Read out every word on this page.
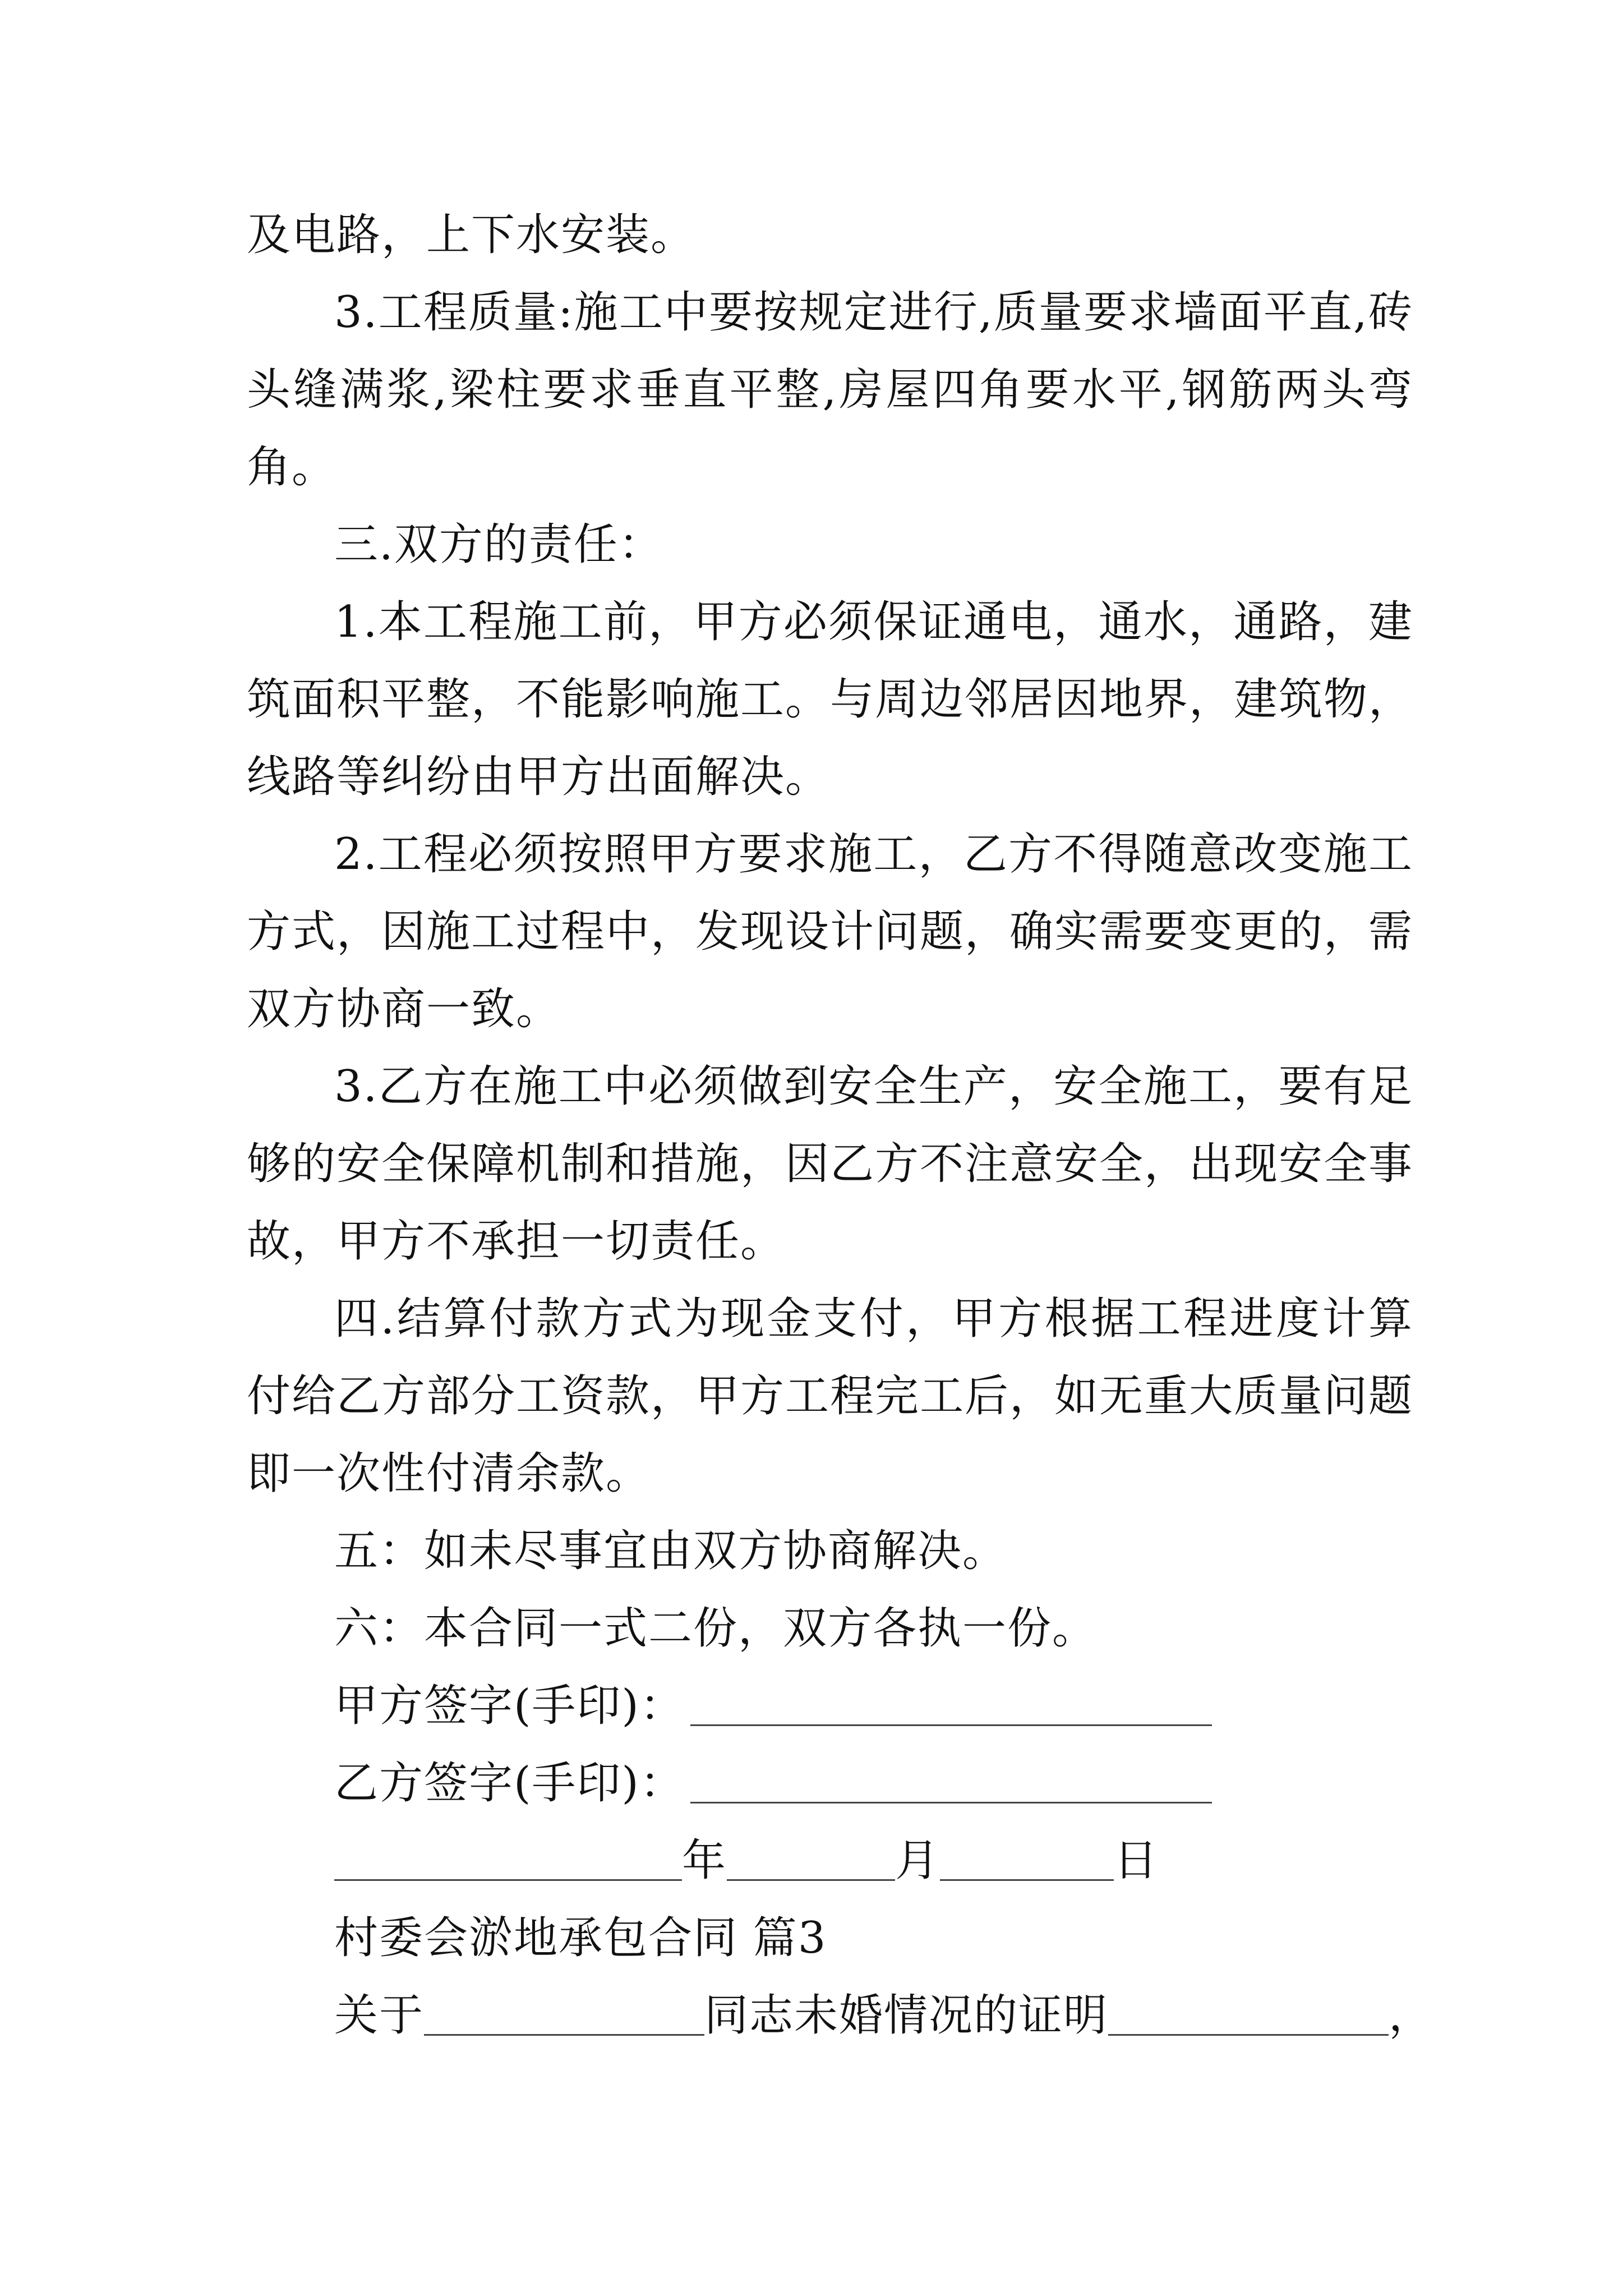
及电路，上下水安装。

3.工程质量:施工中要按规定进行,质量要求墙面平直,砖头缝满浆,梁柱要求垂直平整,房屋四角要水平,钢筋两头弯角。

三.双方的责任：

1.本工程施工前，甲方必须保证通电，通水，通路，建筑面积平整，不能影响施工。与周边邻居因地界，建筑物，线路等纠纷由甲方出面解决。

2.工程必须按照甲方要求施工，乙方不得随意改变施工方式，因施工过程中，发现设计问题，确实需要变更的，需双方协商一致。

3.乙方在施工中必须做到安全生产，安全施工，要有足够的安全保障机制和措施，因乙方不注意安全，出现安全事故，甲方不承担一切责任。

四.结算付款方式为现金支付，甲方根据工程进度计算付给乙方部分工资款，甲方工程完工后，如无重大质量问题即一次性付清余款。

五：如未尽事宜由双方协商解决。

六：本合同一式二份，双方各执一份。

甲方签字(手印)：
乙方签字(手印)：
年	月	日
村委会淤地承包合同 篇3
关于	同志未婚情况的证明	，
